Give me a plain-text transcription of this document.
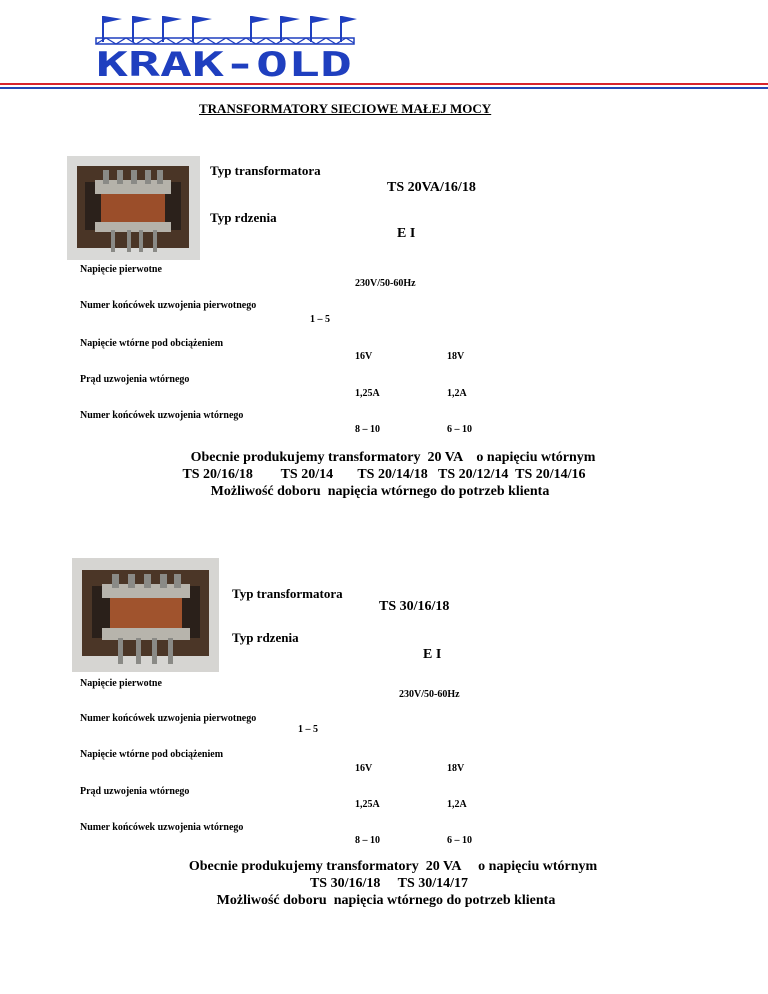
KRAK-OLD
TRANSFORMATORY SIECIOWE MAŁEJ MOCY
Typ transformatora
TS 20VA/16/18
Typ rdzenia
E I
Napięcie pierwotne
230V/50-60Hz
Numer końcówek uzwojenia pierwotnego
1 – 5
Napięcie wtórne pod obciążeniem
16V	18V
Prąd uzwojenia wtórnego
1,25A	1,2A
Numer końcówek uzwojenia wtórnego
8 – 10	6 – 10
Obecnie produkujemy transformatory  20 VA    o napięciu wtórnym
TS 20/16/18        TS 20/14       TS 20/14/18   TS 20/12/14  TS 20/14/16
Możliwość doboru  napięcia wtórnego do potrzeb klienta
Typ transformatora
TS 30/16/18
Typ rdzenia
E I
Napięcie pierwotne
230V/50-60Hz
Numer końcówek uzwojenia pierwotnego
1 – 5
Napięcie wtórne pod obciążeniem
16V	18V
Prąd uzwojenia wtórnego
1,25A	1,2A
Numer końcówek uzwojenia wtórnego
8 – 10	6 – 10
Obecnie produkujemy transformatory  20 VA     o napięciu wtórnym
TS 30/16/18     TS 30/14/17
Możliwość doboru  napięcia wtórnego do potrzeb klienta
